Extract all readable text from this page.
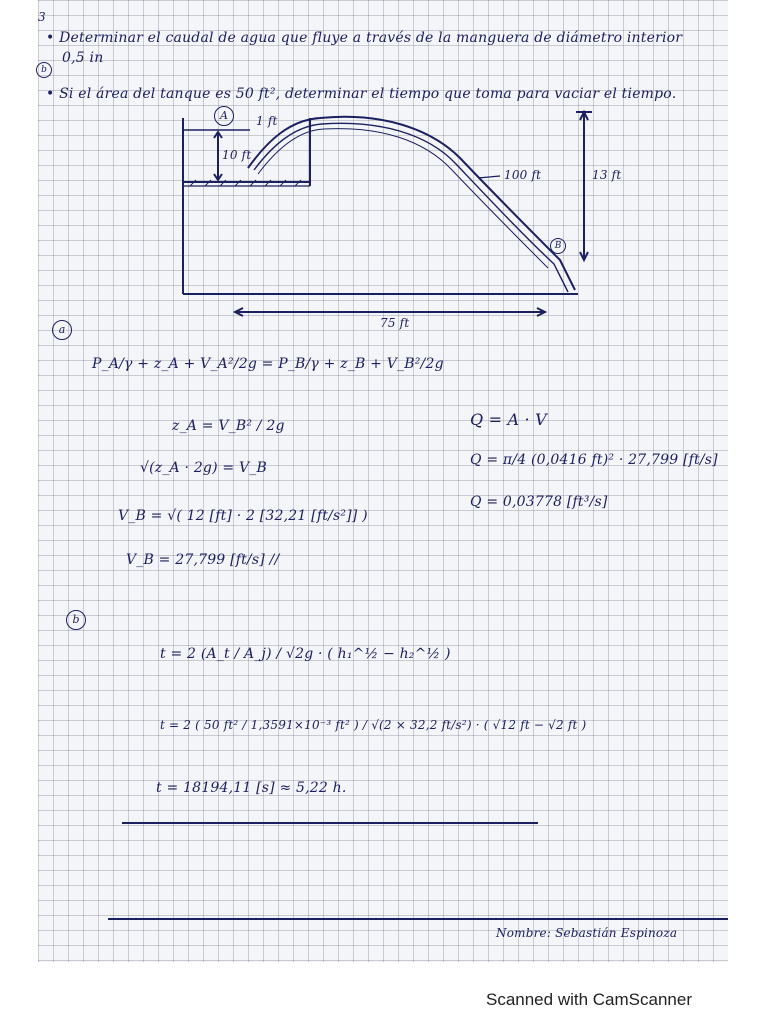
3
• Determinar el caudal de agua que fluye a través de la manguera de diámetro interior
0,5 in
b
• Si el área del tanque es 50 ft², determinar el tiempo que toma para vaciar el tiempo.
A
B
1 ft
10 ft
100 ft	13 ft
75 ft
a
P_A/γ + z_A + V_A²/2g = P_B/γ + z_B + V_B²/2g
z_A = V_B² / 2g
√(z_A · 2g) = V_B
V_B = √( 12 [ft] · 2 [32,21 [ft/s²]] )
V_B = 27,799 [ft/s] //
Q = A · V
Q = π/4 (0,0416 ft)² · 27,799 [ft/s]
Q = 0,03778 [ft³/s]
b
t = 2 (A_t / A_j) / √2g · ( h₁^½ − h₂^½ )
t = 2 ( 50 ft² / 1,3591×10⁻³ ft² ) / √(2 × 32,2 ft/s²) · ( √12 ft − √2 ft )
t = 18194,11 [s] ≈ 5,22 h.
Nombre: Sebastián Espinoza
Scanned with CamScanner
